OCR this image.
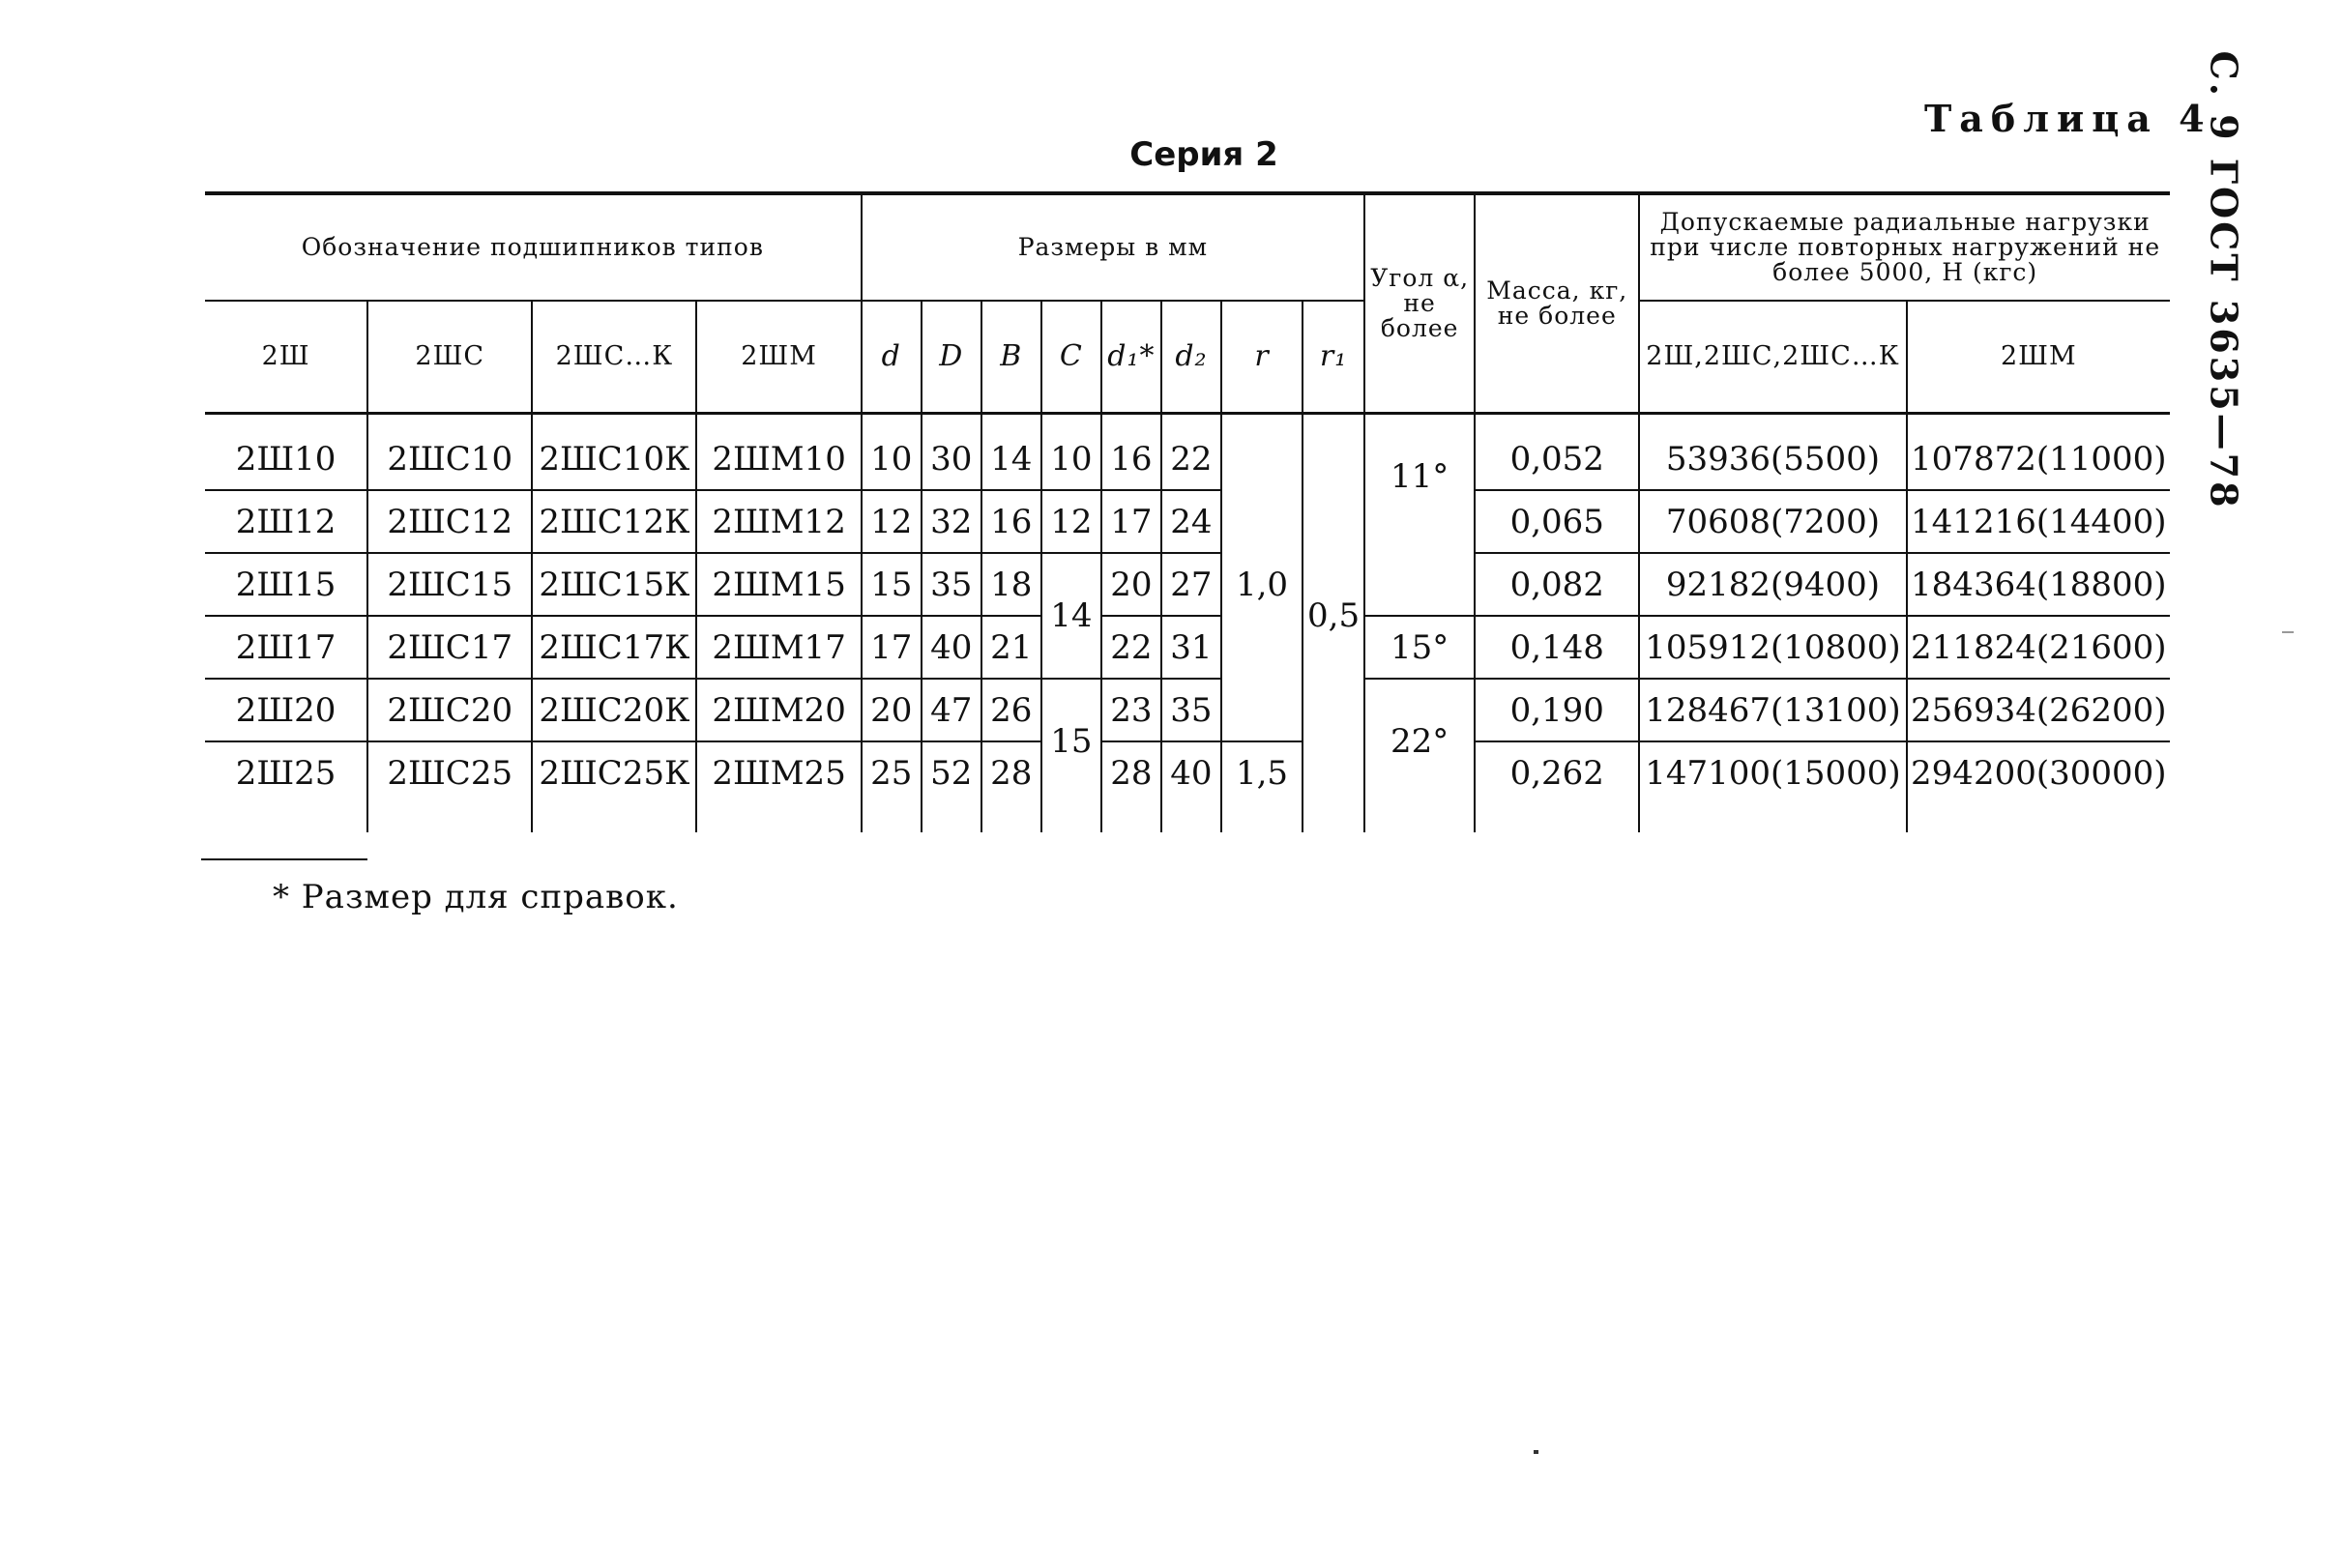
С. 9 ГОСТ 3635—78
Таблица 4
Серия 2
Обозначение подшипников типов				Размеры в мм								Угол α, не более	Масса, кг, не более	Допускаемые радиальные нагрузки при числе повторных нагружений не более 5000, Н (кгс)	
2Ш	2ШС	2ШС…К	2ШМ	d	D	B	C	d₁*	d₂	r	r₁			2Ш,2ШС,2ШС…К	2ШМ

2Ш10	2ШС10	2ШС10К	2ШМ10	10	30	14	10	16	22	1,0	0,5	11°	0,052	53936(5500)	107872(11000)
2Ш12	2ШС12	2ШС12К	2ШМ12	12	32	16	12	17	24				0,065	70608(7200)	141216(14400)
2Ш15	2ШС15	2ШС15К	2ШМ15	15	35	18	14	20	27				0,082	92182(9400)	184364(18800)
2Ш17	2ШС17	2ШС17К	2ШМ17	17	40	21		22	31			15°	0,148	105912(10800)	211824(21600)
2Ш20	2ШС20	2ШС20К	2ШМ20	20	47	26	15	23	35			22°	0,190	128467(13100)	256934(26200)
2Ш25	2ШС25	2ШС25К	2ШМ25	25	52	28		28	40	1,5			0,262	147100(15000)	294200(30000)

* Размер для справок.
